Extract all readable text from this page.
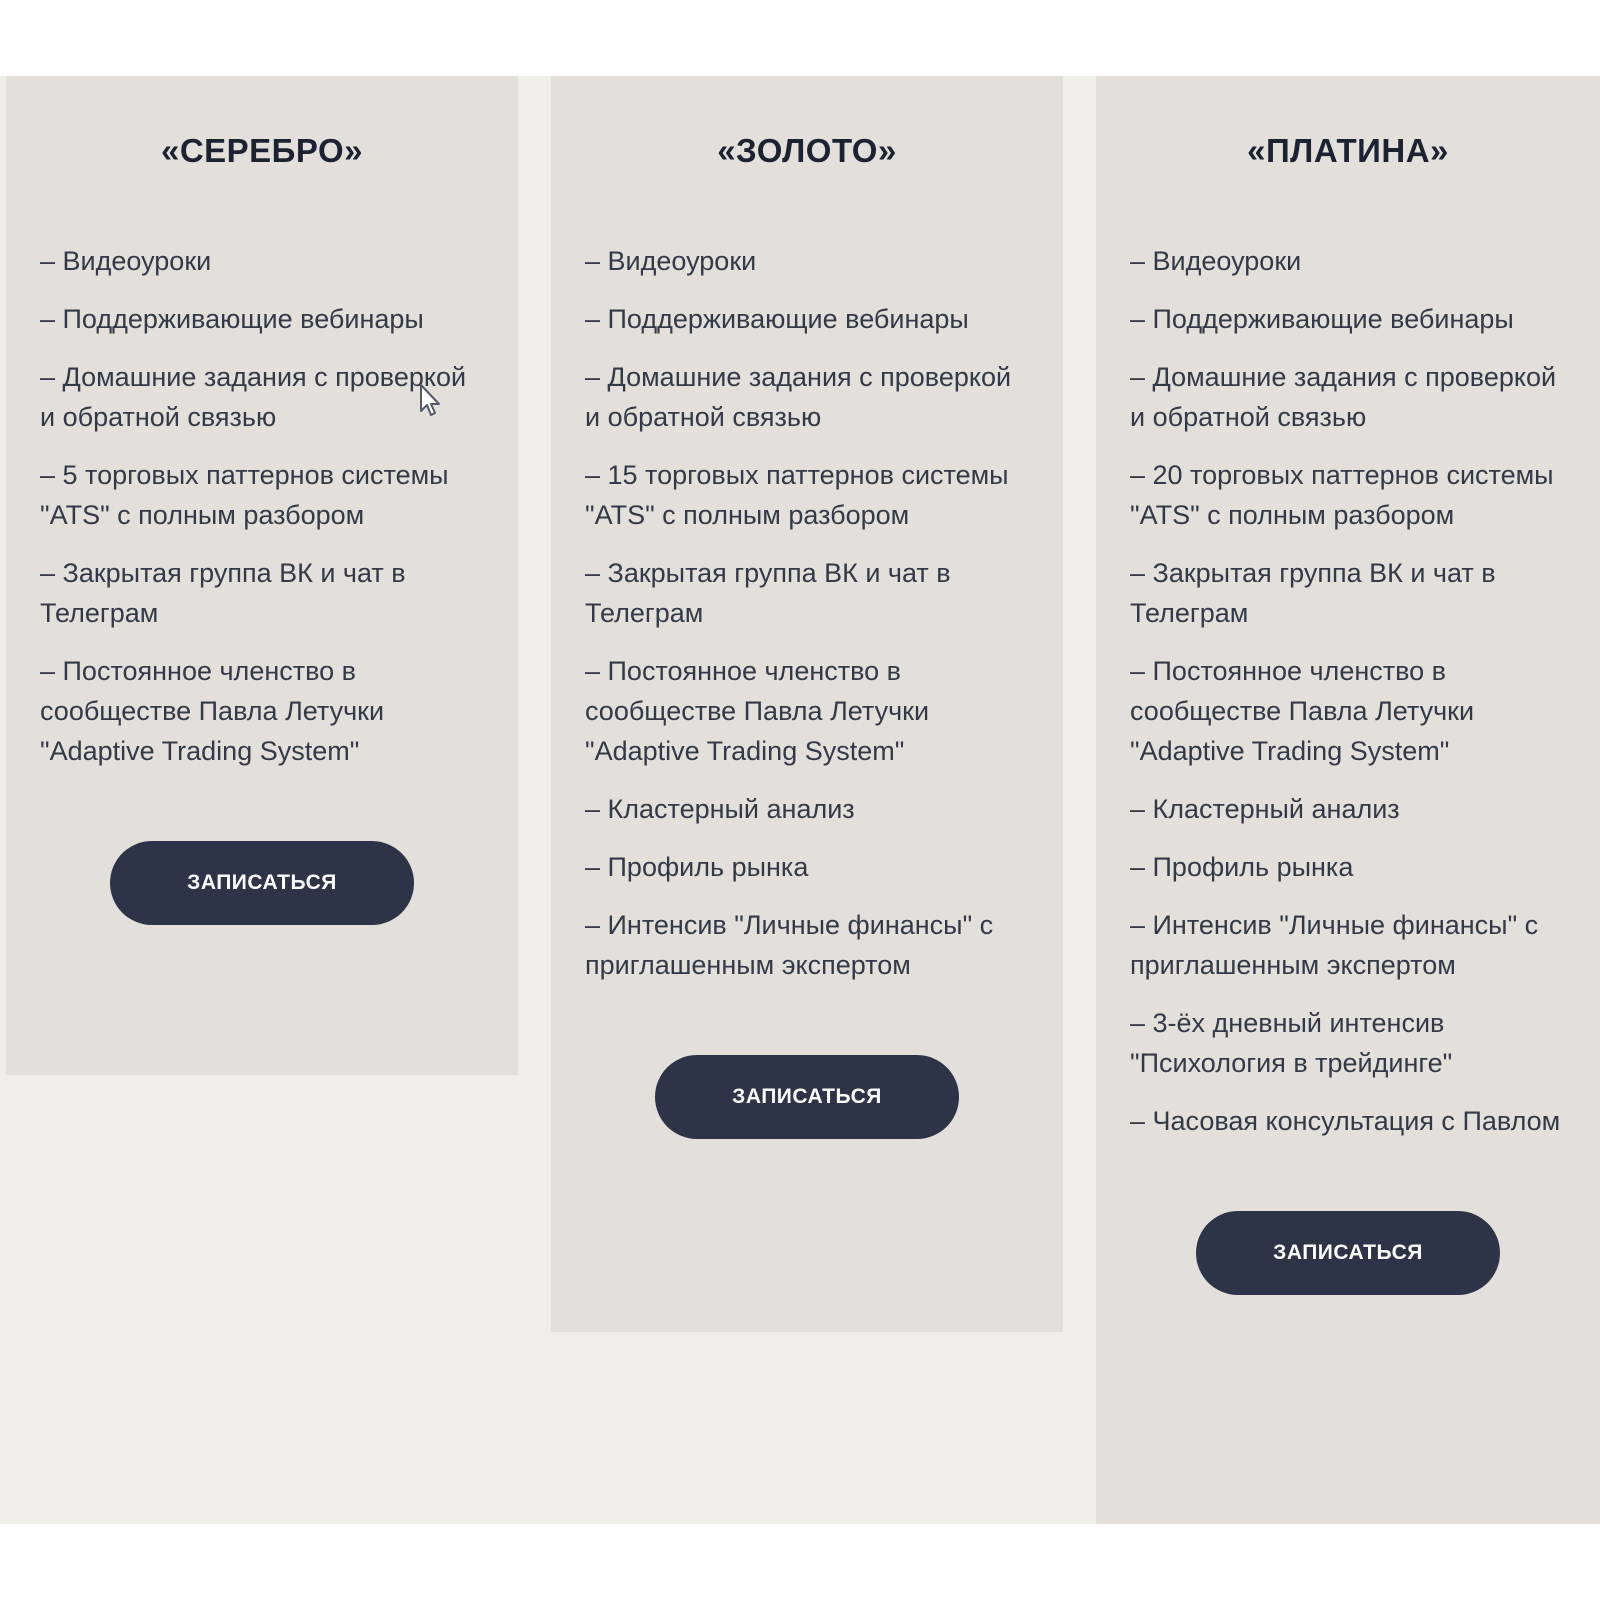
«СЕРЕБРО»
– Видеоуроки
– Поддерживающие вебинары
– Домашние задания с проверкой и обратной связью
– 5 торговых паттернов системы "ATS" с полным разбором
– Закрытая группа ВК и чат в Телеграм
– Постоянное членство в сообществе Павла Летучки "Adaptive Trading System"
ЗАПИСАТЬСЯ
«ЗОЛОТО»
– Видеоуроки
– Поддерживающие вебинары
– Домашние задания с проверкой и обратной связью
– 15 торговых паттернов системы "ATS" с полным разбором
– Закрытая группа ВК и чат в Телеграм
– Постоянное членство в сообществе Павла Летучки "Adaptive Trading System"
– Кластерный анализ
– Профиль рынка
– Интенсив "Личные финансы" с приглашенным экспертом
ЗАПИСАТЬСЯ
«ПЛАТИНА»
– Видеоуроки
– Поддерживающие вебинары
– Домашние задания с проверкой и обратной связью
– 20 торговых паттернов системы "ATS" с полным разбором
– Закрытая группа ВК и чат в Телеграм
– Постоянное членство в сообществе Павла Летучки "Adaptive Trading System"
– Кластерный анализ
– Профиль рынка
– Интенсив "Личные финансы" с приглашенным экспертом
– 3-ёх дневный интенсив "Психология в трейдинге"
– Часовая консультация с Павлом
ЗАПИСАТЬСЯ
